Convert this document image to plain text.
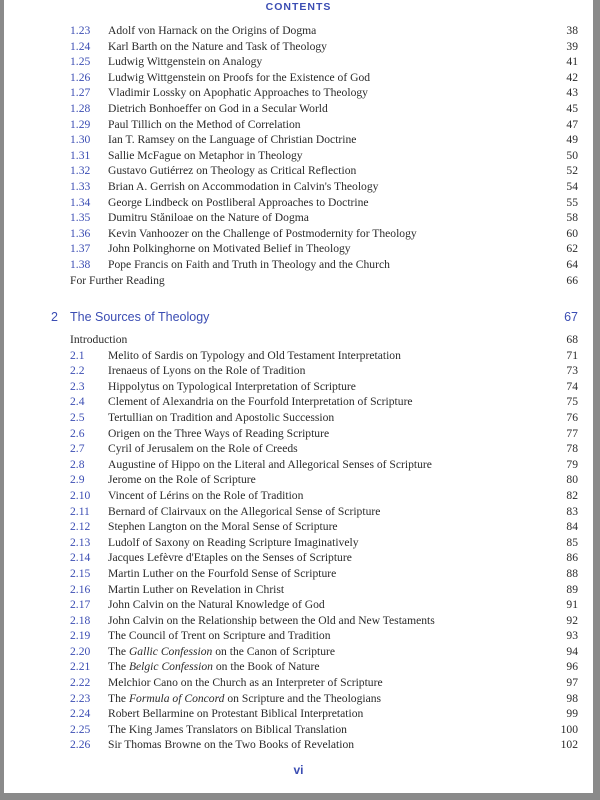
CONTENTS
1.23 Adolf von Harnack on the Origins of Dogma	38
1.24 Karl Barth on the Nature and Task of Theology	39
1.25 Ludwig Wittgenstein on Analogy	41
1.26 Ludwig Wittgenstein on Proofs for the Existence of God	42
1.27 Vladimir Lossky on Apophatic Approaches to Theology	43
1.28 Dietrich Bonhoeffer on God in a Secular World	45
1.29 Paul Tillich on the Method of Correlation	47
1.30 Ian T. Ramsey on the Language of Christian Doctrine	49
1.31 Sallie McFague on Metaphor in Theology	50
1.32 Gustavo Gutiérrez on Theology as Critical Reflection	52
1.33 Brian A. Gerrish on Accommodation in Calvin's Theology	54
1.34 George Lindbeck on Postliberal Approaches to Doctrine	55
1.35 Dumitru Stăniloae on the Nature of Dogma	58
1.36 Kevin Vanhoozer on the Challenge of Postmodernity for Theology	60
1.37 John Polkinghorne on Motivated Belief in Theology	62
1.38 Pope Francis on Faith and Truth in Theology and the Church	64
For Further Reading	66
2 The Sources of Theology	67
Introduction	68
2.1 Melito of Sardis on Typology and Old Testament Interpretation	71
2.2 Irenaeus of Lyons on the Role of Tradition	73
2.3 Hippolytus on Typological Interpretation of Scripture	74
2.4 Clement of Alexandria on the Fourfold Interpretation of Scripture	75
2.5 Tertullian on Tradition and Apostolic Succession	76
2.6 Origen on the Three Ways of Reading Scripture	77
2.7 Cyril of Jerusalem on the Role of Creeds	78
2.8 Augustine of Hippo on the Literal and Allegorical Senses of Scripture	79
2.9 Jerome on the Role of Scripture	80
2.10 Vincent of Lérins on the Role of Tradition	82
2.11 Bernard of Clairvaux on the Allegorical Sense of Scripture	83
2.12 Stephen Langton on the Moral Sense of Scripture	84
2.13 Ludolf of Saxony on Reading Scripture Imaginatively	85
2.14 Jacques Lefèvre d'Etaples on the Senses of Scripture	86
2.15 Martin Luther on the Fourfold Sense of Scripture	88
2.16 Martin Luther on Revelation in Christ	89
2.17 John Calvin on the Natural Knowledge of God	91
2.18 John Calvin on the Relationship between the Old and New Testaments	92
2.19 The Council of Trent on Scripture and Tradition	93
2.20 The Gallic Confession on the Canon of Scripture	94
2.21 The Belgic Confession on the Book of Nature	96
2.22 Melchior Cano on the Church as an Interpreter of Scripture	97
2.23 The Formula of Concord on Scripture and the Theologians	98
2.24 Robert Bellarmine on Protestant Biblical Interpretation	99
2.25 The King James Translators on Biblical Translation	100
2.26 Sir Thomas Browne on the Two Books of Revelation	102
vi
